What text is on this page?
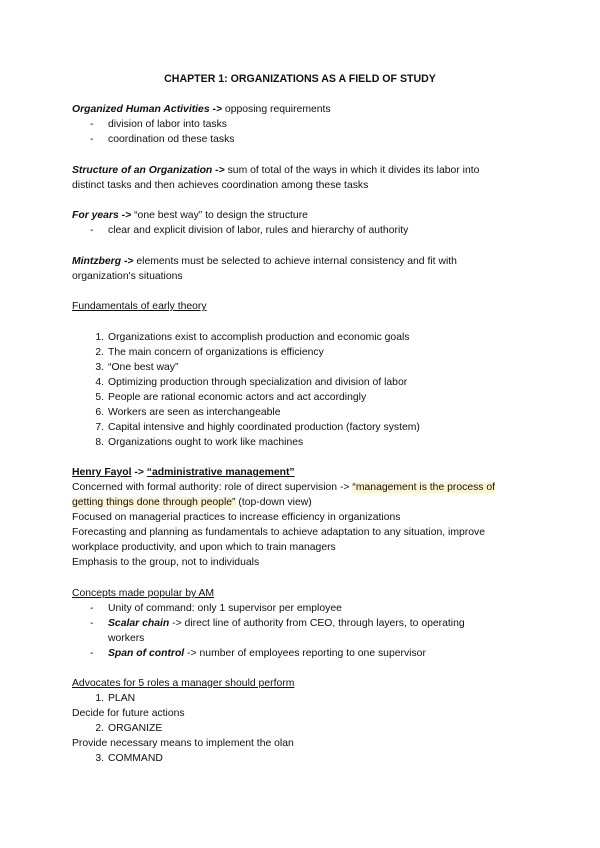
CHAPTER 1: ORGANIZATIONS AS A FIELD OF STUDY
Organized Human Activities -> opposing requirements
- division of labor into tasks
- coordination od these tasks
Structure of an Organization -> sum of total of the ways in which it divides its labor into
distinct tasks and then achieves coordination among these tasks
For years -> “one best way” to design the structure
- clear and explicit division of labor, rules and hierarchy of authority
Mintzberg -> elements must be selected to achieve internal consistency and fit with
organization's situations
Fundamentals of early theory
1. Organizations exist to accomplish production and economic goals
2. The main concern of organizations is efficiency
3. “One best way”
4. Optimizing production through specialization and division of labor
5. People are rational economic actors and act accordingly
6. Workers are seen as interchangeable
7. Capital intensive and highly coordinated production (factory system)
8. Organizations ought to work like machines
Henry Fayol -> “administrative management”
Concerned with formal authority: role of direct supervision -> “management is the process of
getting things done through people” (top-down view)
Focused on managerial practices to increase efficiency in organizations
Forecasting and planning as fundamentals to achieve adaptation to any situation, improve
workplace productivity, and upon which to train managers
Emphasis to the group, not to individuals
Concepts made popular by AM
- Unity of command: only 1 supervisor per employee
- Scalar chain -> direct line of authority from CEO, through layers, to operating
workers
- Span of control -> number of employees reporting to one supervisor
Advocates for 5 roles a manager should perform
1. PLAN
Decide for future actions
2. ORGANIZE
Provide necessary means to implement the olan
3. COMMAND
